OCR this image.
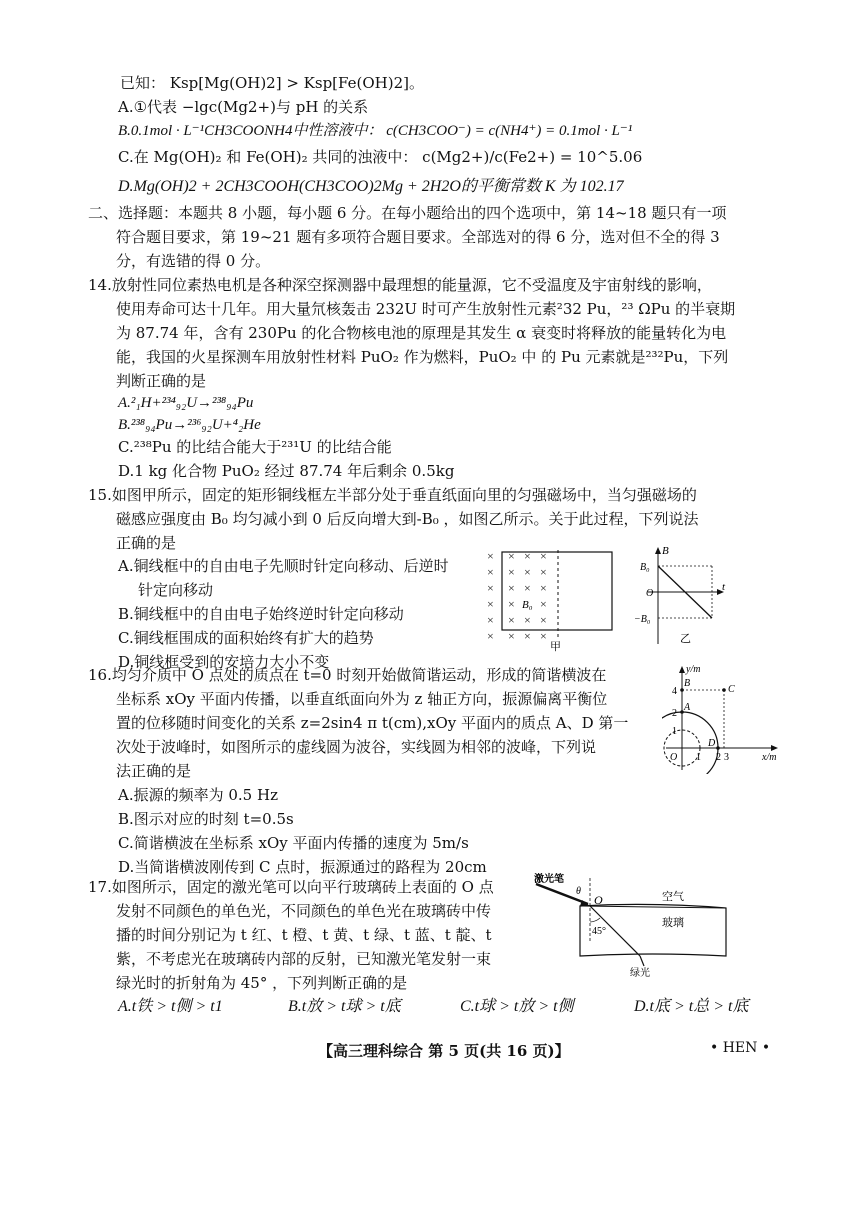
已知： Ksp[Mg(OH)2] > Ksp[Fe(OH)2]。
A.①代表 −lgc(Mg2+)与 pH 的关系
B.0.1mol · L⁻¹CH3COONH4中性溶液中： c(CH3COO⁻) = c(NH4⁺) = 0.1mol · L⁻¹
C.在 Mg(OH)₂ 和 Fe(OH)₂ 共同的浊液中： c(Mg2+)/c(Fe2+) = 10^5.06
D.Mg(OH)2 + 2CH3COOH(CH3COO)2Mg + 2H2O的平衡常数 K 为 102.17
二、选择题：本题共 8 小题，每小题 6 分。在每小题给出的四个选项中，第 14~18 题只有一项
符合题目要求，第 19~21 题有多项符合题目要求。全部选对的得 6 分，选对但不全的得 3
分，有选错的得 0 分。
14.放射性同位素热电机是各种深空探测器中最理想的能量源，它不受温度及宇宙射线的影响，
使用寿命可达十几年。用大量氘核轰击 232U 时可产生放射性元素²32 Pu，²³ ΩPu 的半衰期
为 87.74 年，含有 230Pu 的化合物核电池的原理是其发生 α 衰变时将释放的能量转化为电
能，我国的火星探测车用放射性材料 PuO₂ 作为燃料，PuO₂ 中 的 Pu 元素就是²³²Pu，下列
判断正确的是
A.²₁H+²³⁴₉₂U→²³⁸₉₄Pu
B.²³⁸₉₄Pu→²³⁶₉₂U+⁴₂He
C.²³⁸Pu 的比结合能大于²³¹U 的比结合能
D.1 kg 化合物 PuO₂ 经过 87.74 年后剩余 0.5kg
15.如图甲所示，固定的矩形铜线框左半部分处于垂直纸面向里的匀强磁场中，当匀强磁场的
磁感应强度由 B₀ 均匀减小到 0 后反向增大到-B₀ ，如图乙所示。关于此过程，下列说法
正确的是
A.铜线框中的自由电子先顺时针定向移动、后逆时
针定向移动
B.铜线框中的自由电子始终逆时针定向移动
C.铜线框围成的面积始终有扩大的趋势
D.铜线框受到的安培力大小不变
× × × ×
× × × ×
× × × ×
× × ×
× × × ×
× × × ×
B₀
甲
B
B₀
O
−B₀
t
乙
16.均匀介质中 O 点处的质点在 t=0 时刻开始做简谐运动，形成的简谐横波在
坐标系 xOy 平面内传播，以垂直纸面向外为 z 轴正方向，振源偏离平衡位
置的位移随时间变化的关系 z=2sin4 π t(cm),xOy 平面内的质点 A、D 第一
次处于波峰时，如图所示的虚线圆为波谷，实线圆为相邻的波峰，下列说
法正确的是
A.振源的频率为 0.5 Hz
B.图示对应的时刻 t=0.5s
C.简谐横波在坐标系 xOy 平面内传播的速度为 5m/s
D.当简谐横波刚传到 C 点时，振源通过的路程为 20cm
y/m
x/m
4
B
C
2
A
1
O 1 2 3
D
17.如图所示，固定的激光笔可以向平行玻璃砖上表面的 O 点
发射不同颜色的单色光，不同颜色的单色光在玻璃砖中传
播的时间分别记为 t 红、t 橙、t 黄、t 绿、t 蓝、t 靛、t
紫，不考虑光在玻璃砖内部的反射，已知激光笔发射一束
绿光时的折射角为 45° ，下列判断正确的是
A.t铁 > t侧 > t1	B.t放 > t球 > t底	C.t球 > t放 > t侧	D.t底 > t总 > t底
激光笔
θ
O	空气
玻璃
45°
绿光
【高三理科综合 第 5 页(共 16 页)】	• HEN •
